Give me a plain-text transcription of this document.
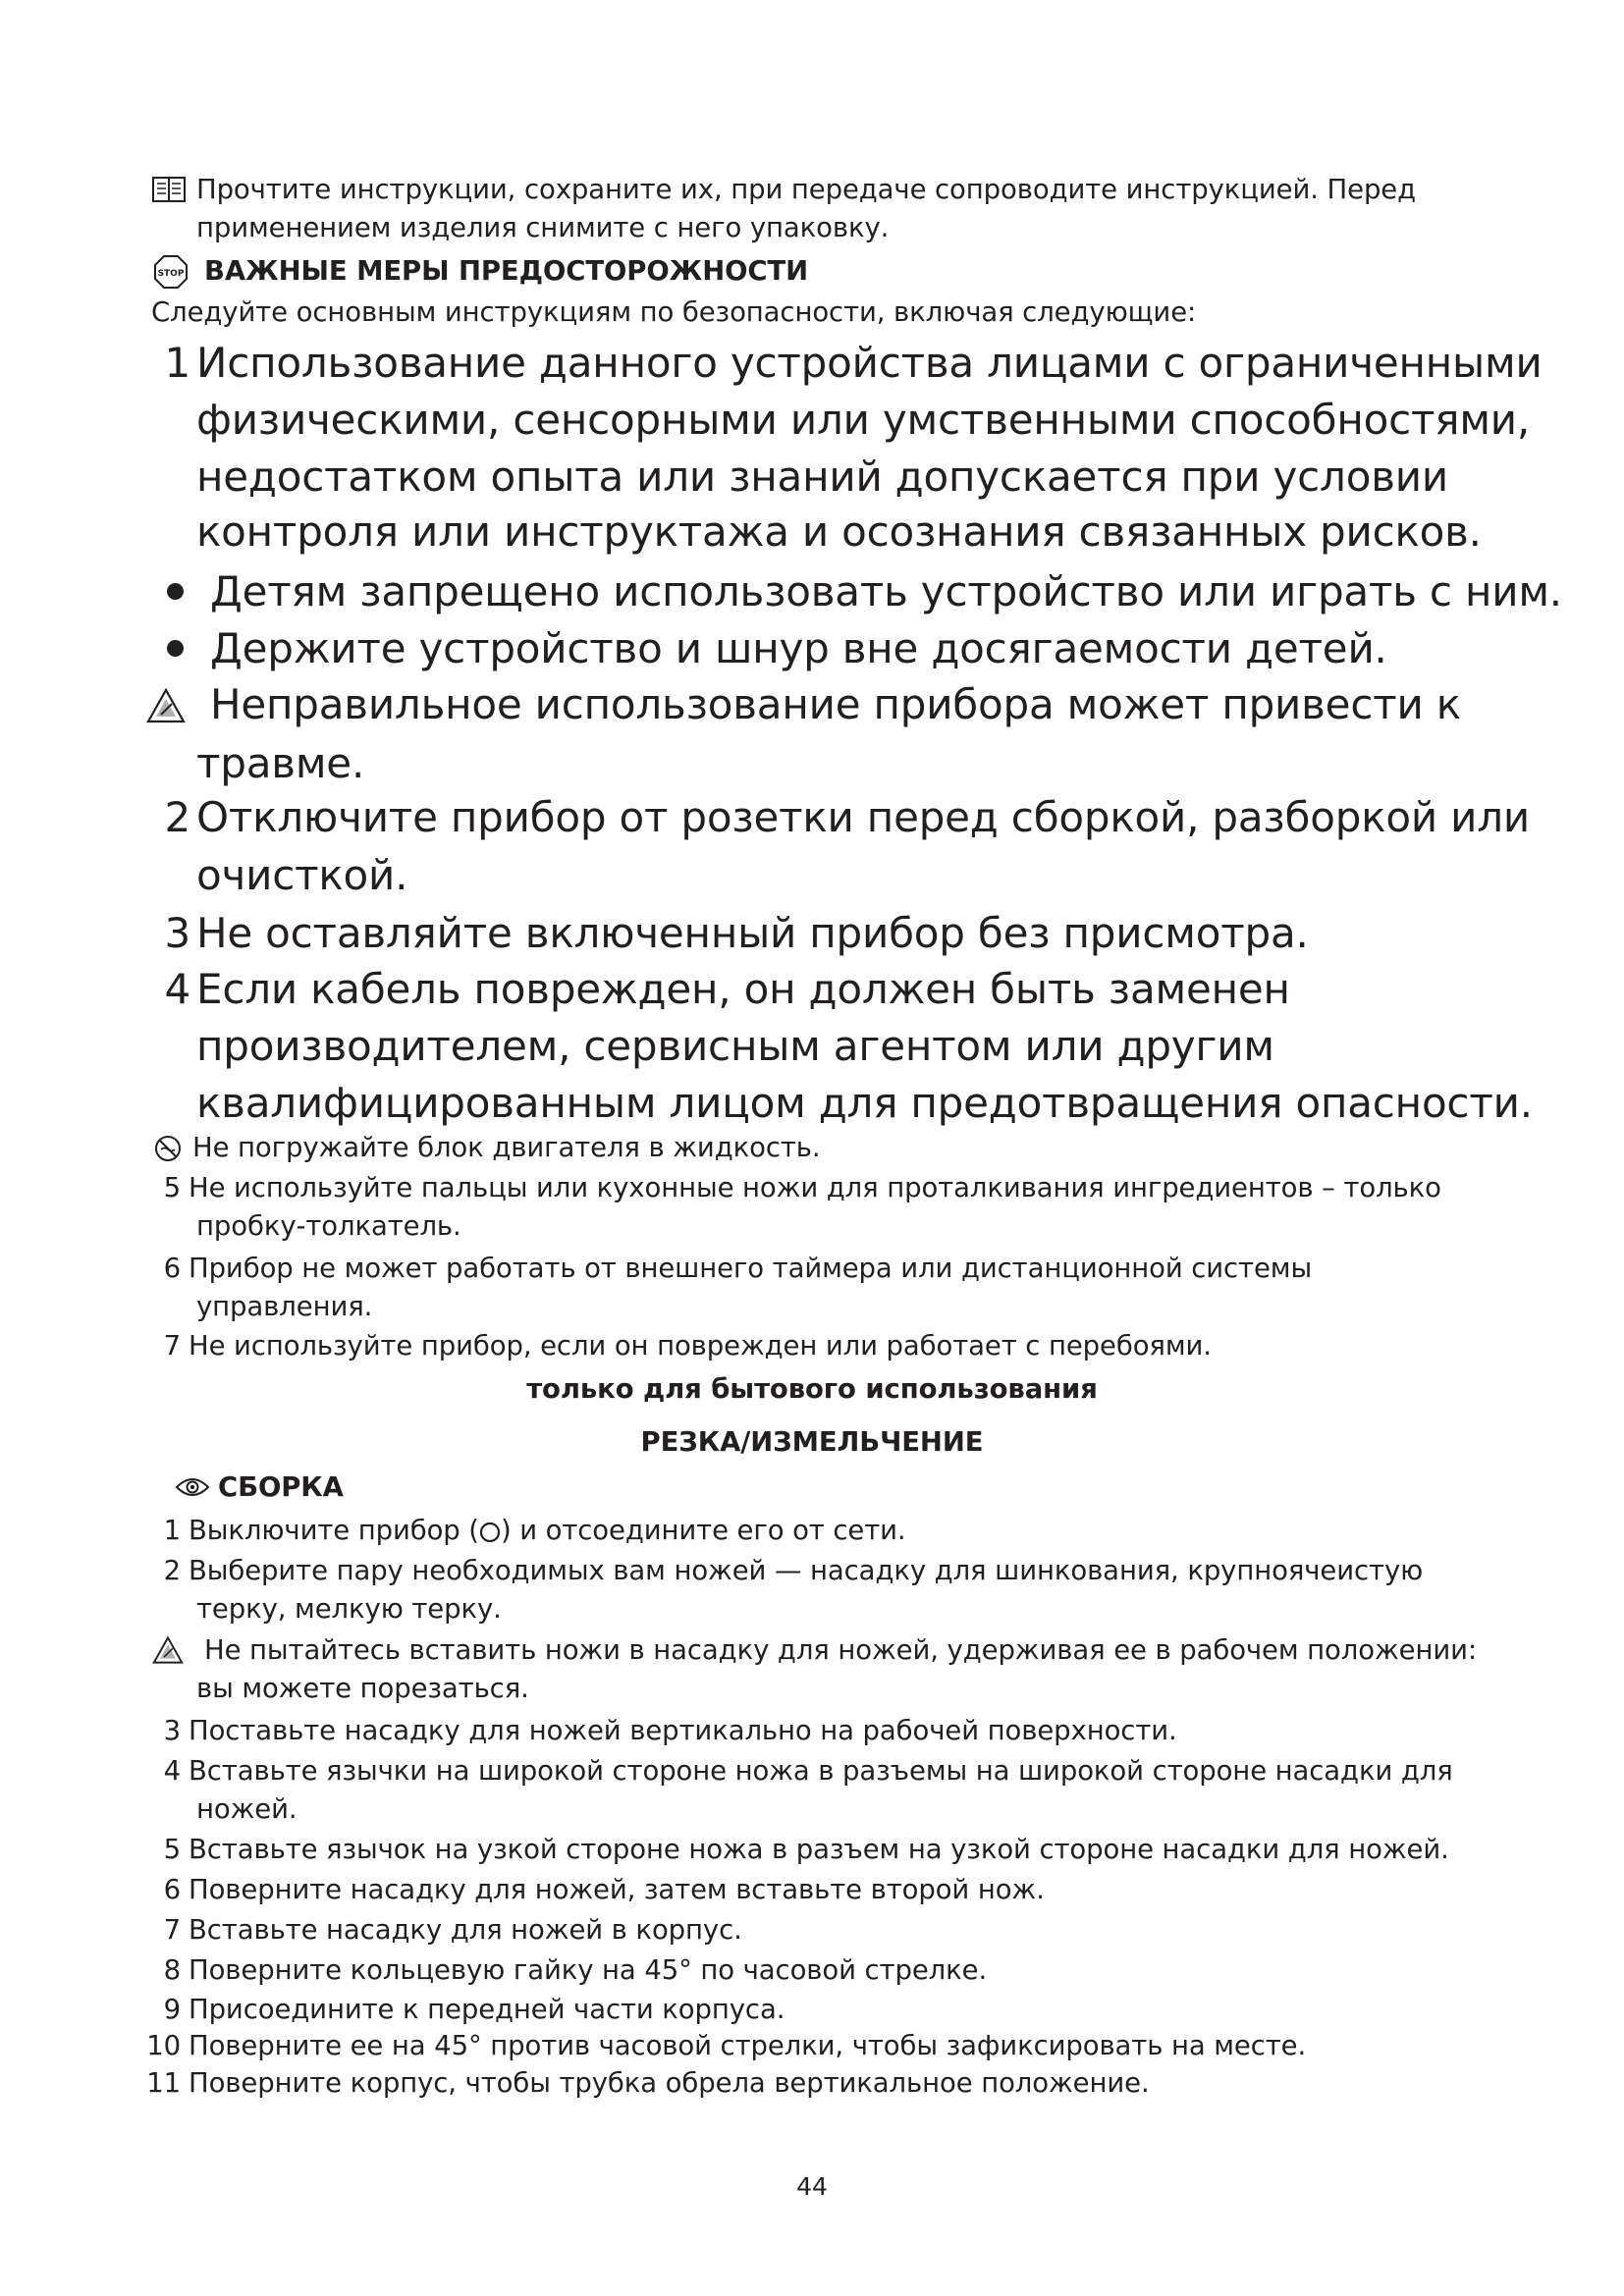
Прочтите инструкции, сохраните их, при передаче сопроводите инструкцией. Перед
применением изделия снимите с него упаковку.
STOP ВАЖНЫЕ МЕРЫ ПРЕДОСТОРОЖНОСТИ
Следуйте основным инструкциям по безопасности, включая следующие:
1 Использование данного устройства лицами с ограниченными
физическими, сенсорными или умственными способностями,
недостатком опыта или знаний допускается при условии
контроля или инструктажа и осознания связанных рисков.
Детям запрещено использовать устройство или играть с ним.
Держите устройство и шнур вне досягаемости детей.
Неправильное использование прибора может привести к
травме.
2 Отключите прибор от розетки перед сборкой, разборкой или
очисткой.
3 Не оставляйте включенный прибор без присмотра.
4 Если кабель поврежден, он должен быть заменен
производителем, сервисным агентом или другим
квалифицированным лицом для предотвращения опасности.
Не погружайте блок двигателя в жидкость.
5 Не используйте пальцы или кухонные ножи для проталкивания ингредиентов – только
пробку-толкатель.
6 Прибор не может работать от внешнего таймера или дистанционной системы
управления.
7 Не используйте прибор, если он поврежден или работает с перебоями.
только для бытового использования
РЕЗКА/ИЗМЕЛЬЧЕНИЕ
СБОРКА
1 Выключите прибор ( ) и отсоедините его от сети.
2 Выберите пару необходимых вам ножей — насадку для шинкования, крупноячеистую
терку, мелкую терку.
Не пытайтесь вставить ножи в насадку для ножей, удерживая ее в рабочем положении:
вы можете порезаться.
3 Поставьте насадку для ножей вертикально на рабочей поверхности.
4 Вставьте язычки на широкой стороне ножа в разъемы на широкой стороне насадки для
ножей.
5 Вставьте язычок на узкой стороне ножа в разъем на узкой стороне насадки для ножей.
6 Поверните насадку для ножей, затем вставьте второй нож.
7 Вставьте насадку для ножей в корпус.
8 Поверните кольцевую гайку на 45° по часовой стрелке.
9 Присоедините к передней части корпуса.
10 Поверните ее на 45° против часовой стрелки, чтобы зафиксировать на месте.
11 Поверните корпус, чтобы трубка обрела вертикальное положение.
44
